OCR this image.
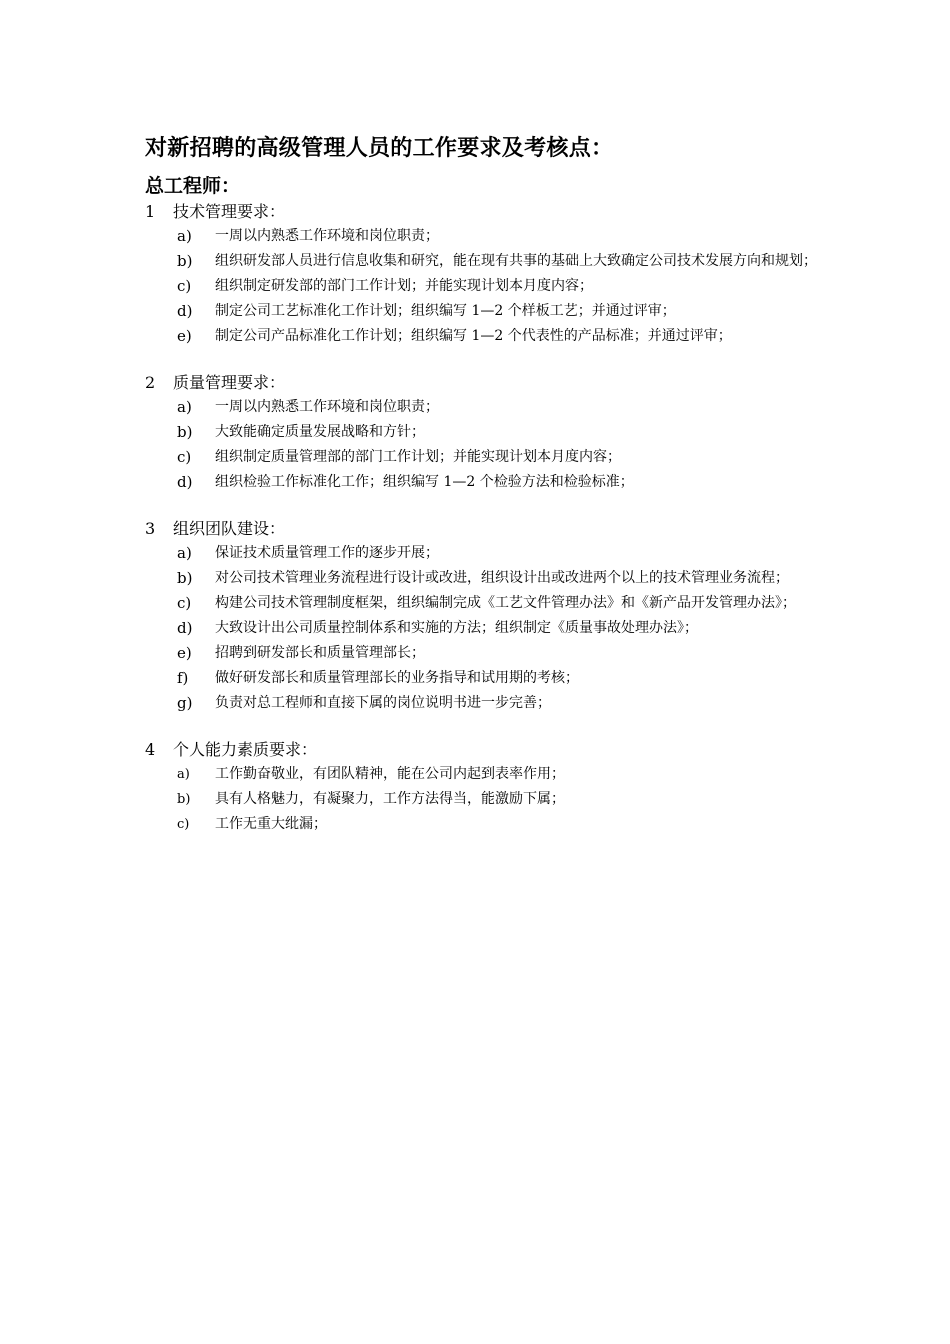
对新招聘的高级管理人员的工作要求及考核点：
总工程师：
1	技术管理要求：
a)	一周以内熟悉工作环境和岗位职责；
b)	组织研发部人员进行信息收集和研究，能在现有共事的基础上大致确定公司技术发展方向和规划；
c)	组织制定研发部的部门工作计划；并能实现计划本月度内容；
d)	制定公司工艺标准化工作计划；组织编写 1—2 个样板工艺；并通过评审；
e)	制定公司产品标准化工作计划；组织编写 1—2 个代表性的产品标准；并通过评审；
2	质量管理要求：
a)	一周以内熟悉工作环境和岗位职责；
b)	大致能确定质量发展战略和方针；
c)	组织制定质量管理部的部门工作计划；并能实现计划本月度内容；
d)	组织检验工作标准化工作；组织编写 1—2 个检验方法和检验标准；
3	组织团队建设：
a)	保证技术质量管理工作的逐步开展；
b)	对公司技术管理业务流程进行设计或改进，组织设计出或改进两个以上的技术管理业务流程；
c)	构建公司技术管理制度框架，组织编制完成《工艺文件管理办法》和《新产品开发管理办法》；
d)	大致设计出公司质量控制体系和实施的方法；组织制定《质量事故处理办法》；
e)	招聘到研发部长和质量管理部长；
f)	做好研发部长和质量管理部长的业务指导和试用期的考核；
g)	负责对总工程师和直接下属的岗位说明书进一步完善；
4	个人能力素质要求：
a)	工作勤奋敬业，有团队精神，能在公司内起到表率作用；
b)	具有人格魅力，有凝聚力，工作方法得当，能激励下属；
c)	工作无重大纰漏；
